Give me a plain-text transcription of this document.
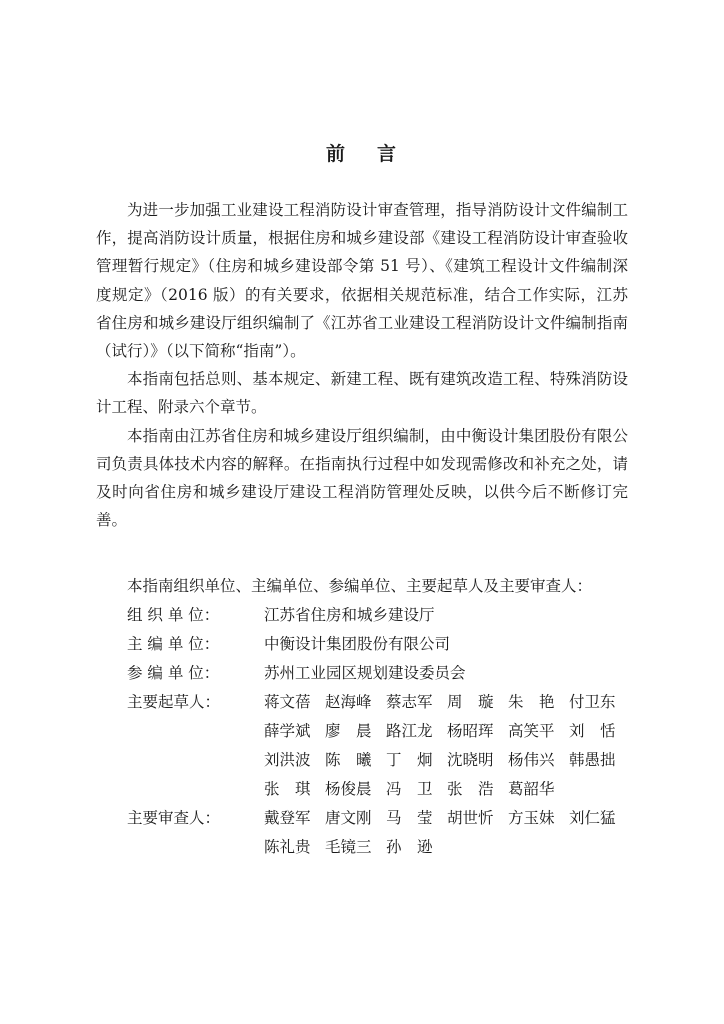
前 言

为进一步加强工业建设工程消防设计审查管理，指导消防设计文件编制工作，提高消防设计质量，根据住房和城乡建设部《建设工程消防设计审查验收管理暂行规定》（住房和城乡建设部令第 51 号）、《建筑工程设计文件编制深度规定》（2016 版）的有关要求，依据相关规范标准，结合工作实际，江苏省住房和城乡建设厅组织编制了《江苏省工业建设工程消防设计文件编制指南（试行）》（以下简称“指南”）。

本指南包括总则、基本规定、新建工程、既有建筑改造工程、特殊消防设计工程、附录六个章节。

本指南由江苏省住房和城乡建设厅组织编制，由中衡设计集团股份有限公司负责具体技术内容的解释。在指南执行过程中如发现需修改和补充之处，请及时向省住房和城乡建设厅建设工程消防管理处反映，以供今后不断修订完善。

本指南组织单位、主编单位、参编单位、主要起草人及主要审查人：

组 织 单 位：	江苏省住房和城乡建设厅
主 编 单 位：	中衡设计集团股份有限公司
参 编 单 位：	苏州工业园区规划建设委员会
主要起草人：	蒋文蓓 赵海峰 蔡志军 周　璇 朱　艳 付卫东
薛学斌 廖　晨 路江龙 杨昭珲 高笑平 刘　恬
刘洪波 陈　曦 丁　炯 沈晓明 杨伟兴 韩愚拙
张　琪 杨俊晨 冯　卫 张　浩 葛韶华
主要审查人：	戴登军 唐文刚 马　莹 胡世忻 方玉妹 刘仁猛
陈礼贵 毛镜三 孙　逊
